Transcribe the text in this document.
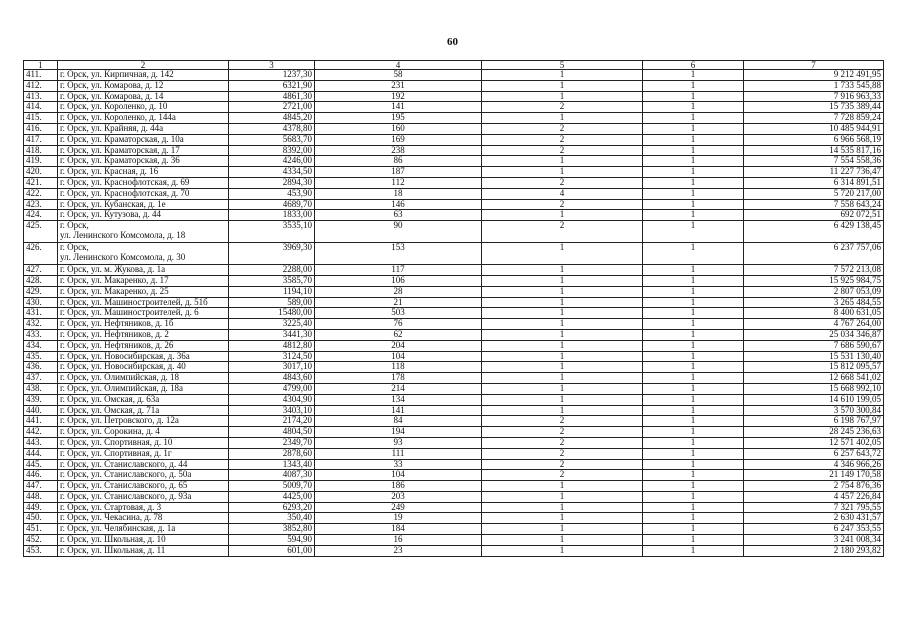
60
1	2	3	4	5	6	7
411.	г. Орск, ул. Кирпичная, д. 142	1237,30	58	1	1	9 212 491,95
412.	г. Орск, ул. Комарова, д. 12	6321,90	231	1	1	1 733 545,88
413.	г. Орск, ул. Комарова, д. 14	4861,30	192	1	1	7 916 963,33
414.	г. Орск, ул. Короленко, д. 10	2721,00	141	2	1	15 735 389,44
415.	г. Орск, ул. Короленко, д. 144а	4845,20	195	1	1	7 728 859,24
416.	г. Орск, ул. Крайняя, д. 44а	4378,80	160	2	1	10 485 944,91
417.	г. Орск, ул. Краматорская, д. 10а	5683,70	169	2	1	6 966 568,19
418.	г. Орск, ул. Краматорская, д. 17	8392,00	238	2	1	14 535 817,16
419.	г. Орск, ул. Краматорская, д. 36	4246,00	86	1	1	7 554 558,36
420.	г. Орск, ул. Красная, д. 16	4334,50	187	1	1	11 227 736,47
421.	г. Орск, ул. Краснофлотская, д. 69	2894,30	112	2	1	6 314 891,51
422.	г. Орск, ул. Краснофлотская, д. 70	453,90	18	4	1	5 720 217,00
423.	г. Орск, ул. Кубанская, д. 1е	4689,70	146	2	1	7 558 643,24
424.	г. Орск, ул. Кутузова, д. 44	1833,00	63	1	1	692 072,51
425.	г. Орск,
ул. Ленинского Комсомола, д. 18	3535,10	90	2	1	6 429 138,45
426.	г. Орск,
ул. Ленинского Комсомола, д. 30	3969,30	153	1	1	6 237 757,06
427.	г. Орск, ул. м. Жукова, д. 1а	2288,00	117	1	1	7 572 213,08
428.	г. Орск, ул. Макаренко, д. 17	3585,70	106	1	1	15 925 984,75
429.	г. Орск, ул. Макаренко, д. 25	1194,10	28	1	1	2 807 053,09
430.	г. Орск, ул. Машиностроителей, д. 51б	589,00	21	1	1	3 265 484,55
431.	г. Орск, ул. Машиностроителей, д. 6	15480,00	503	1	1	8 400 631,05
432.	г. Орск, ул. Нефтяников, д. 1б	3225,40	76	1	1	4 767 264,00
433.	г. Орск, ул. Нефтяников, д. 2	3441,30	62	1	1	25 034 346,87
434.	г. Орск, ул. Нефтяников, д. 26	4812,80	204	1	1	7 686 590,67
435.	г. Орск, ул. Новосибирская, д. 36а	3124,50	104	1	1	15 531 130,40
436.	г. Орск, ул. Новосибирская, д. 40	3017,10	118	1	1	15 812 095,57
437.	г. Орск, ул. Олимпийская, д. 18	4843,60	178	1	1	12 668 541,02
438.	г. Орск, ул. Олимпийская, д. 18а	4799,00	214	1	1	15 668 992,10
439.	г. Орск, ул. Омская, д. 63а	4304,90	134	1	1	14 610 199,05
440.	г. Орск, ул. Омская, д. 71а	3403,10	141	1	1	3 570 300,84
441.	г. Орск, ул. Петровского, д. 12а	2174,20	84	2	1	6 198 767,97
442.	г. Орск, ул. Сорокина, д. 4	4804,50	194	2	1	28 245 236,63
443.	г. Орск, ул. Спортивная, д. 10	2349,70	93	2	1	12 571 402,05
444.	г. Орск, ул. Спортивная, д. 1г	2878,60	111	2	1	6 257 643,72
445.	г. Орск, ул. Станиславского, д. 44	1343,40	33	2	1	4 346 966,26
446.	г. Орск, ул. Станиславского, д. 50а	4087,30	104	2	1	21 149 170,58
447.	г. Орск, ул. Станиславского, д. 65	5009,70	186	1	1	2 754 876,36
448.	г. Орск, ул. Станиславского, д. 93а	4425,00	203	1	1	4 457 226,84
449.	г. Орск, ул. Стартовая, д. 3	6293,20	249	1	1	7 321 795,55
450.	г. Орск, ул. Чекасина, д. 78	350,40	19	1	1	2 630 431,57
451.	г. Орск, ул. Челябинская, д. 1а	3852,80	184	1	1	6 247 353,55
452.	г. Орск, ул. Школьная, д. 10	594,90	16	1	1	3 241 008,34
453.	г. Орск, ул. Школьная, д. 11	601,00	23	1	1	2 180 293,82
